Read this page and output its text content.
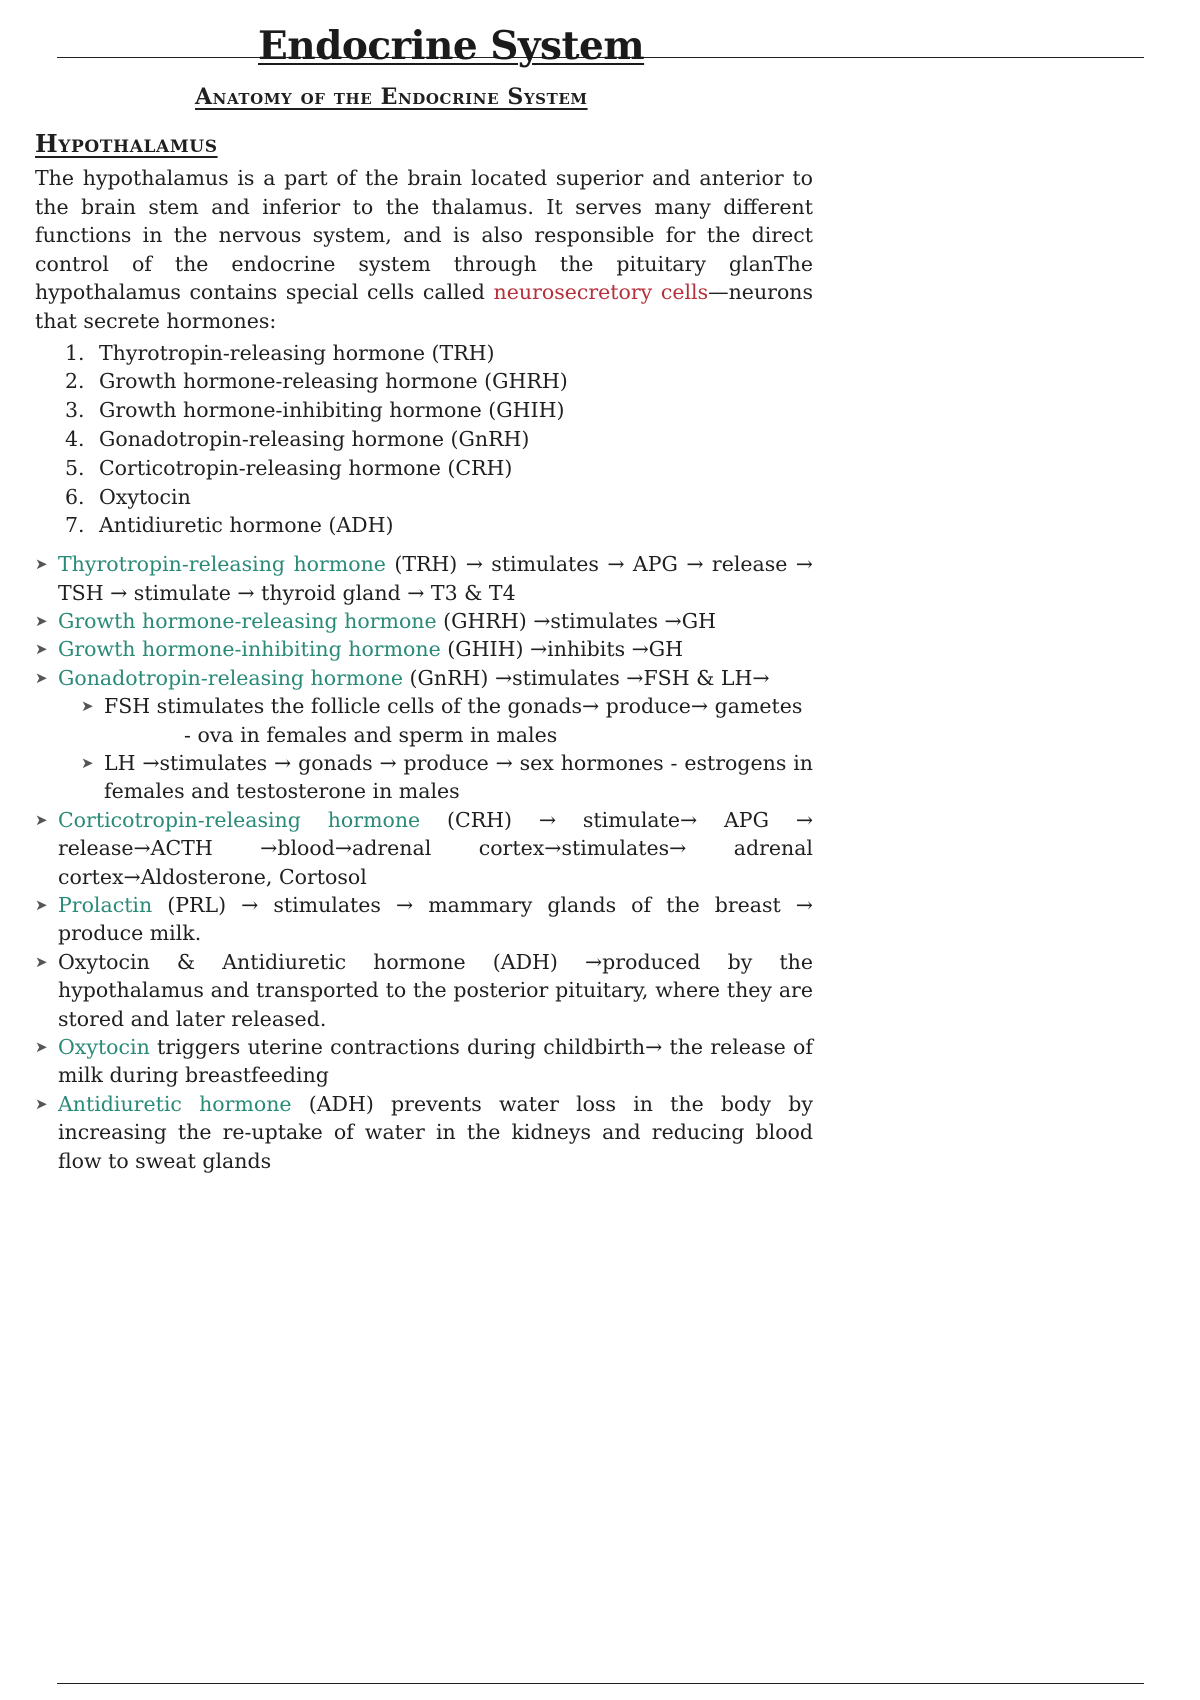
Endocrine System
Anatomy of the Endocrine System
Hypothalamus

The hypothalamus is a part of the brain located superior and anterior to the brain stem and inferior to the thalamus. It serves many different functions in the nervous system, and is also responsible for the direct control of the endocrine system through the pituitary glanThe hypothalamus contains special cells called neurosecretory cells—neurons that secrete hormones:

1. Thyrotropin-releasing hormone (TRH)
2. Growth hormone-releasing hormone (GHRH)
3. Growth hormone-inhibiting hormone (GHIH)
4. Gonadotropin-releasing hormone (GnRH)
5. Corticotropin-releasing hormone (CRH)
6. Oxytocin
7. Antidiuretic hormone (ADH)
➤ Thyrotropin-releasing hormone (TRH) → stimulates → APG → release → TSH → stimulate → thyroid gland → T3 & T4
➤ Growth hormone-releasing hormone (GHRH) →stimulates →GH
➤ Growth hormone-inhibiting hormone (GHIH) →inhibits →GH
➤ Gonadotropin-releasing hormone (GnRH) →stimulates →FSH & LH→
➤ FSH stimulates the follicle cells of the gonads→ produce→ gametes
- ova in females and sperm in males
➤ LH →stimulates → gonads → produce → sex hormones - estrogens in females and testosterone in males
➤ Corticotropin-releasing hormone (CRH) → stimulate→ APG → release→ACTH →blood→adrenal cortex→stimulates→ adrenal cortex→Aldosterone, Cortosol
➤ Prolactin (PRL) → stimulates → mammary glands of the breast → produce milk.
➤ Oxytocin & Antidiuretic hormone (ADH) →produced by the hypothalamus and transported to the posterior pituitary, where they are stored and later released.
➤ Oxytocin triggers uterine contractions during childbirth→ the release of milk during breastfeeding
➤ Antidiuretic hormone (ADH) prevents water loss in the body by increasing the re-uptake of water in the kidneys and reducing blood flow to sweat glands
